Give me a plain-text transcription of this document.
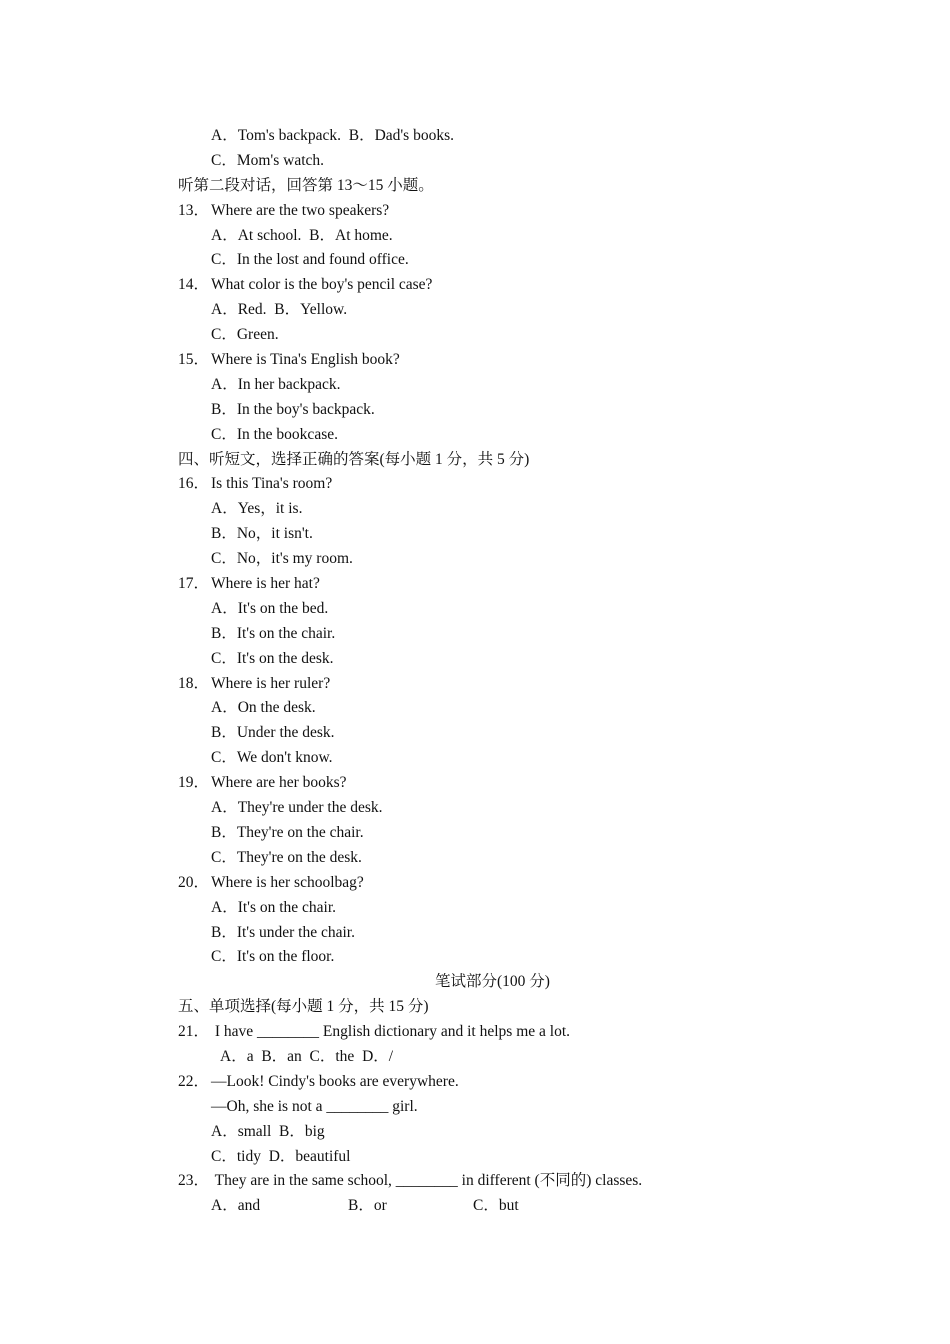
A．Tom's backpack.  B．Dad's books.
C．Mom's watch.
听第二段对话，回答第 13～15 小题。
13． Where are the two speakers?
A．At school.  B．At home.
C．In the lost and found office.
14． What color is the boy's pencil case?
A．Red.  B．Yellow.
C．Green.
15． Where is Tina's English book?
A．In her backpack.
B．In the boy's backpack.
C．In the bookcase.
四、听短文，选择正确的答案(每小题 1 分，共 5 分)
16． Is this Tina's room?
A．Yes，it is.
B．No，it isn't.
C．No，it's my room.
17． Where is her hat?
A．It's on the bed.
B．It's on the chair.
C．It's on the desk.
18． Where is her ruler?
A．On the desk.
B．Under the desk.
C．We don't know.
19． Where are her books?
A．They're under the desk.
B．They're on the chair.
C．They're on the desk.
20． Where is her schoolbag?
A．It's on the chair.
B．It's under the chair.
C．It's on the floor.
笔试部分(100 分)
五、单项选择(每小题 1 分，共 15 分)
21． I have ________ English dictionary and it helps me a lot.
A．a  B．an  C．the  D．/
22． —Look! Cindy's books are everywhere.
—Oh, she is not a ________ girl.
A．small  B．big
C．tidy  D．beautiful
23． They are in the same school, ________ in different (不同的) classes.
A．and	B．or	C．but
